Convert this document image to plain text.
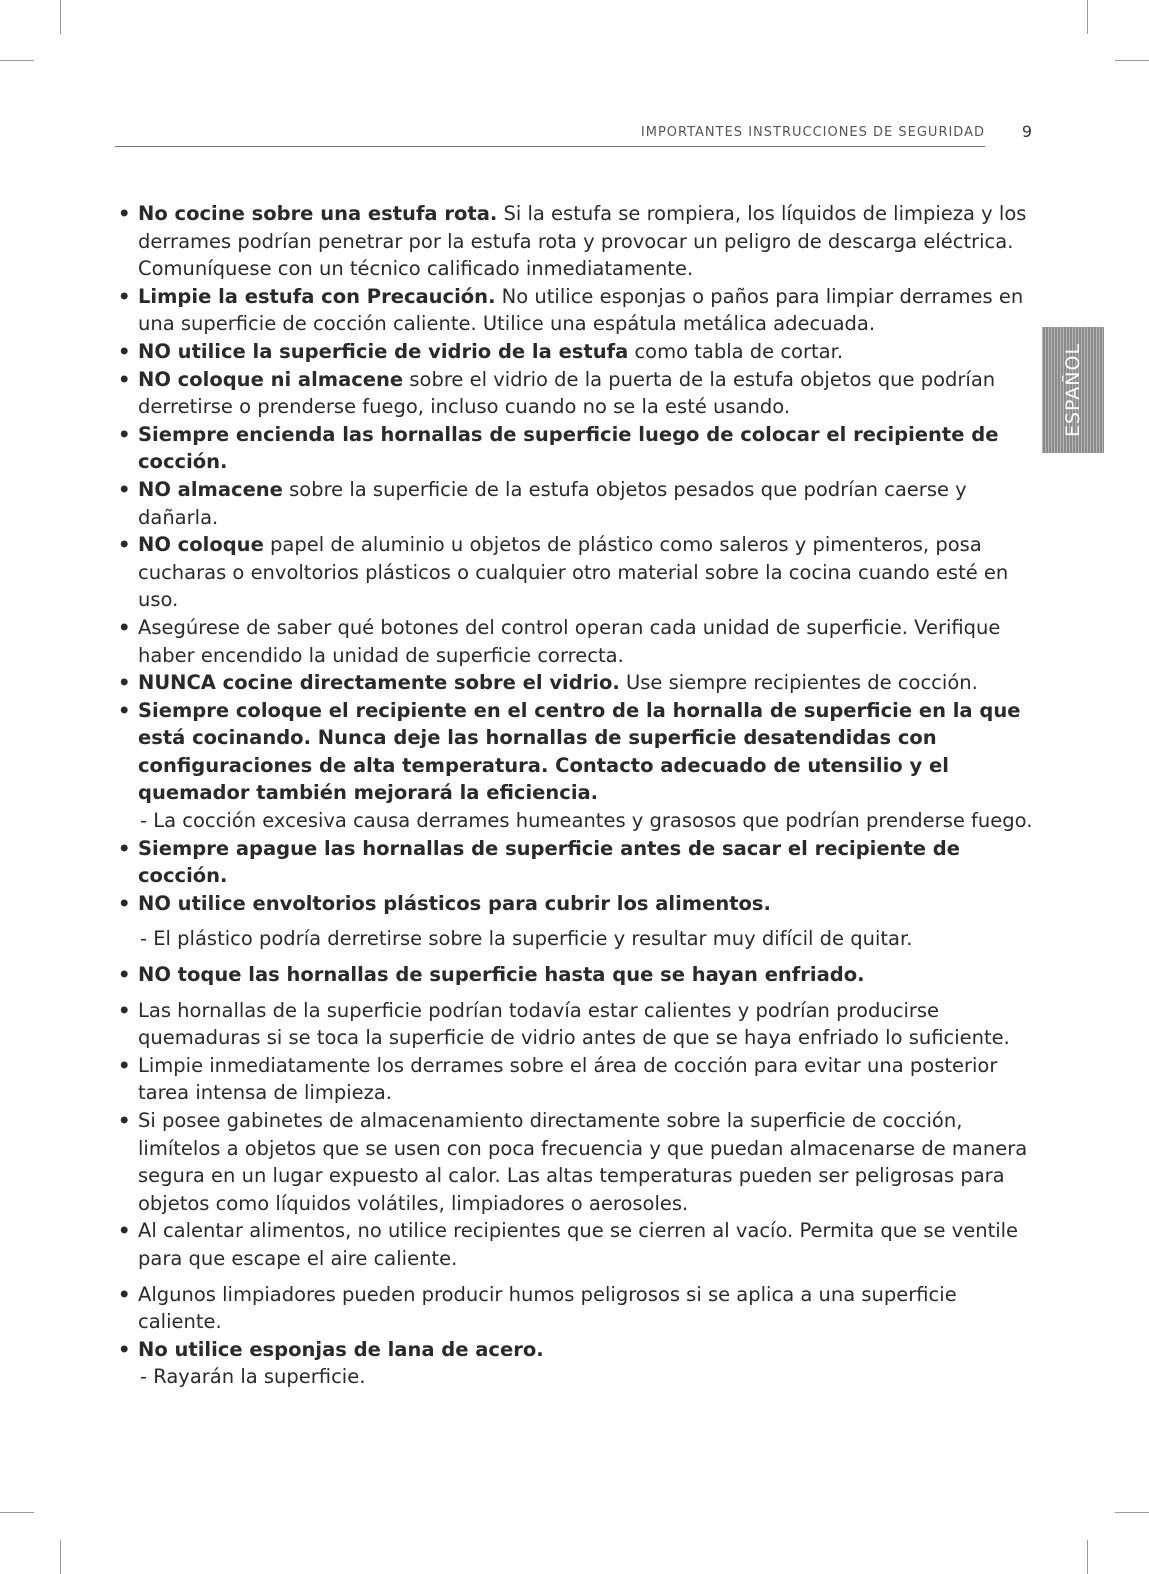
IMPORTANTES INSTRUCCIONES DE SEGURIDAD 9
ESPAÑOL
• No cocine sobre una estufa rota. Si la estufa se rompiera, los líquidos de limpieza y los derrames podrían penetrar por la estufa rota y provocar un peligro de descarga eléctrica. Comuníquese con un técnico calificado inmediatamente.
• Limpie la estufa con Precaución. No utilice esponjas o paños para limpiar derrames en una superficie de cocción caliente. Utilice una espátula metálica adecuada.
• NO utilice la superficie de vidrio de la estufa como tabla de cortar.
• NO coloque ni almacene sobre el vidrio de la puerta de la estufa objetos que podrían derretirse o prenderse fuego, incluso cuando no se la esté usando.
• Siempre encienda las hornallas de superficie luego de colocar el recipiente de cocción.
• NO almacene sobre la superficie de la estufa objetos pesados que podrían caerse y dañarla.
• NO coloque papel de aluminio u objetos de plástico como saleros y pimenteros, posa cucharas o envoltorios plásticos o cualquier otro material sobre la cocina cuando esté en uso.
• Asegúrese de saber qué botones del control operan cada unidad de superficie. Verifique haber encendido la unidad de superficie correcta.
• NUNCA cocine directamente sobre el vidrio. Use siempre recipientes de cocción.
• Siempre coloque el recipiente en el centro de la hornalla de superficie en la que está cocinando. Nunca deje las hornallas de superficie desatendidas con configuraciones de alta temperatura. Contacto adecuado de utensilio y el quemador también mejorará la eficiencia.
- La cocción excesiva causa derrames humeantes y grasosos que podrían prenderse fuego.
• Siempre apague las hornallas de superficie antes de sacar el recipiente de cocción.
• NO utilice envoltorios plásticos para cubrir los alimentos.
- El plástico podría derretirse sobre la superficie y resultar muy difícil de quitar.
• NO toque las hornallas de superficie hasta que se hayan enfriado.
• Las hornallas de la superficie podrían todavía estar calientes y podrían producirse quemaduras si se toca la superficie de vidrio antes de que se haya enfriado lo suficiente.
• Limpie inmediatamente los derrames sobre el área de cocción para evitar una posterior tarea intensa de limpieza.
• Si posee gabinetes de almacenamiento directamente sobre la superficie de cocción, limítelos a objetos que se usen con poca frecuencia y que puedan almacenarse de manera segura en un lugar expuesto al calor. Las altas temperaturas pueden ser peligrosas para objetos como líquidos volátiles, limpiadores o aerosoles.
• Al calentar alimentos, no utilice recipientes que se cierren al vacío. Permita que se ventile para que escape el aire caliente.
• Algunos limpiadores pueden producir humos peligrosos si se aplica a una superficie caliente.
• No utilice esponjas de lana de acero.
- Rayarán la superficie.
